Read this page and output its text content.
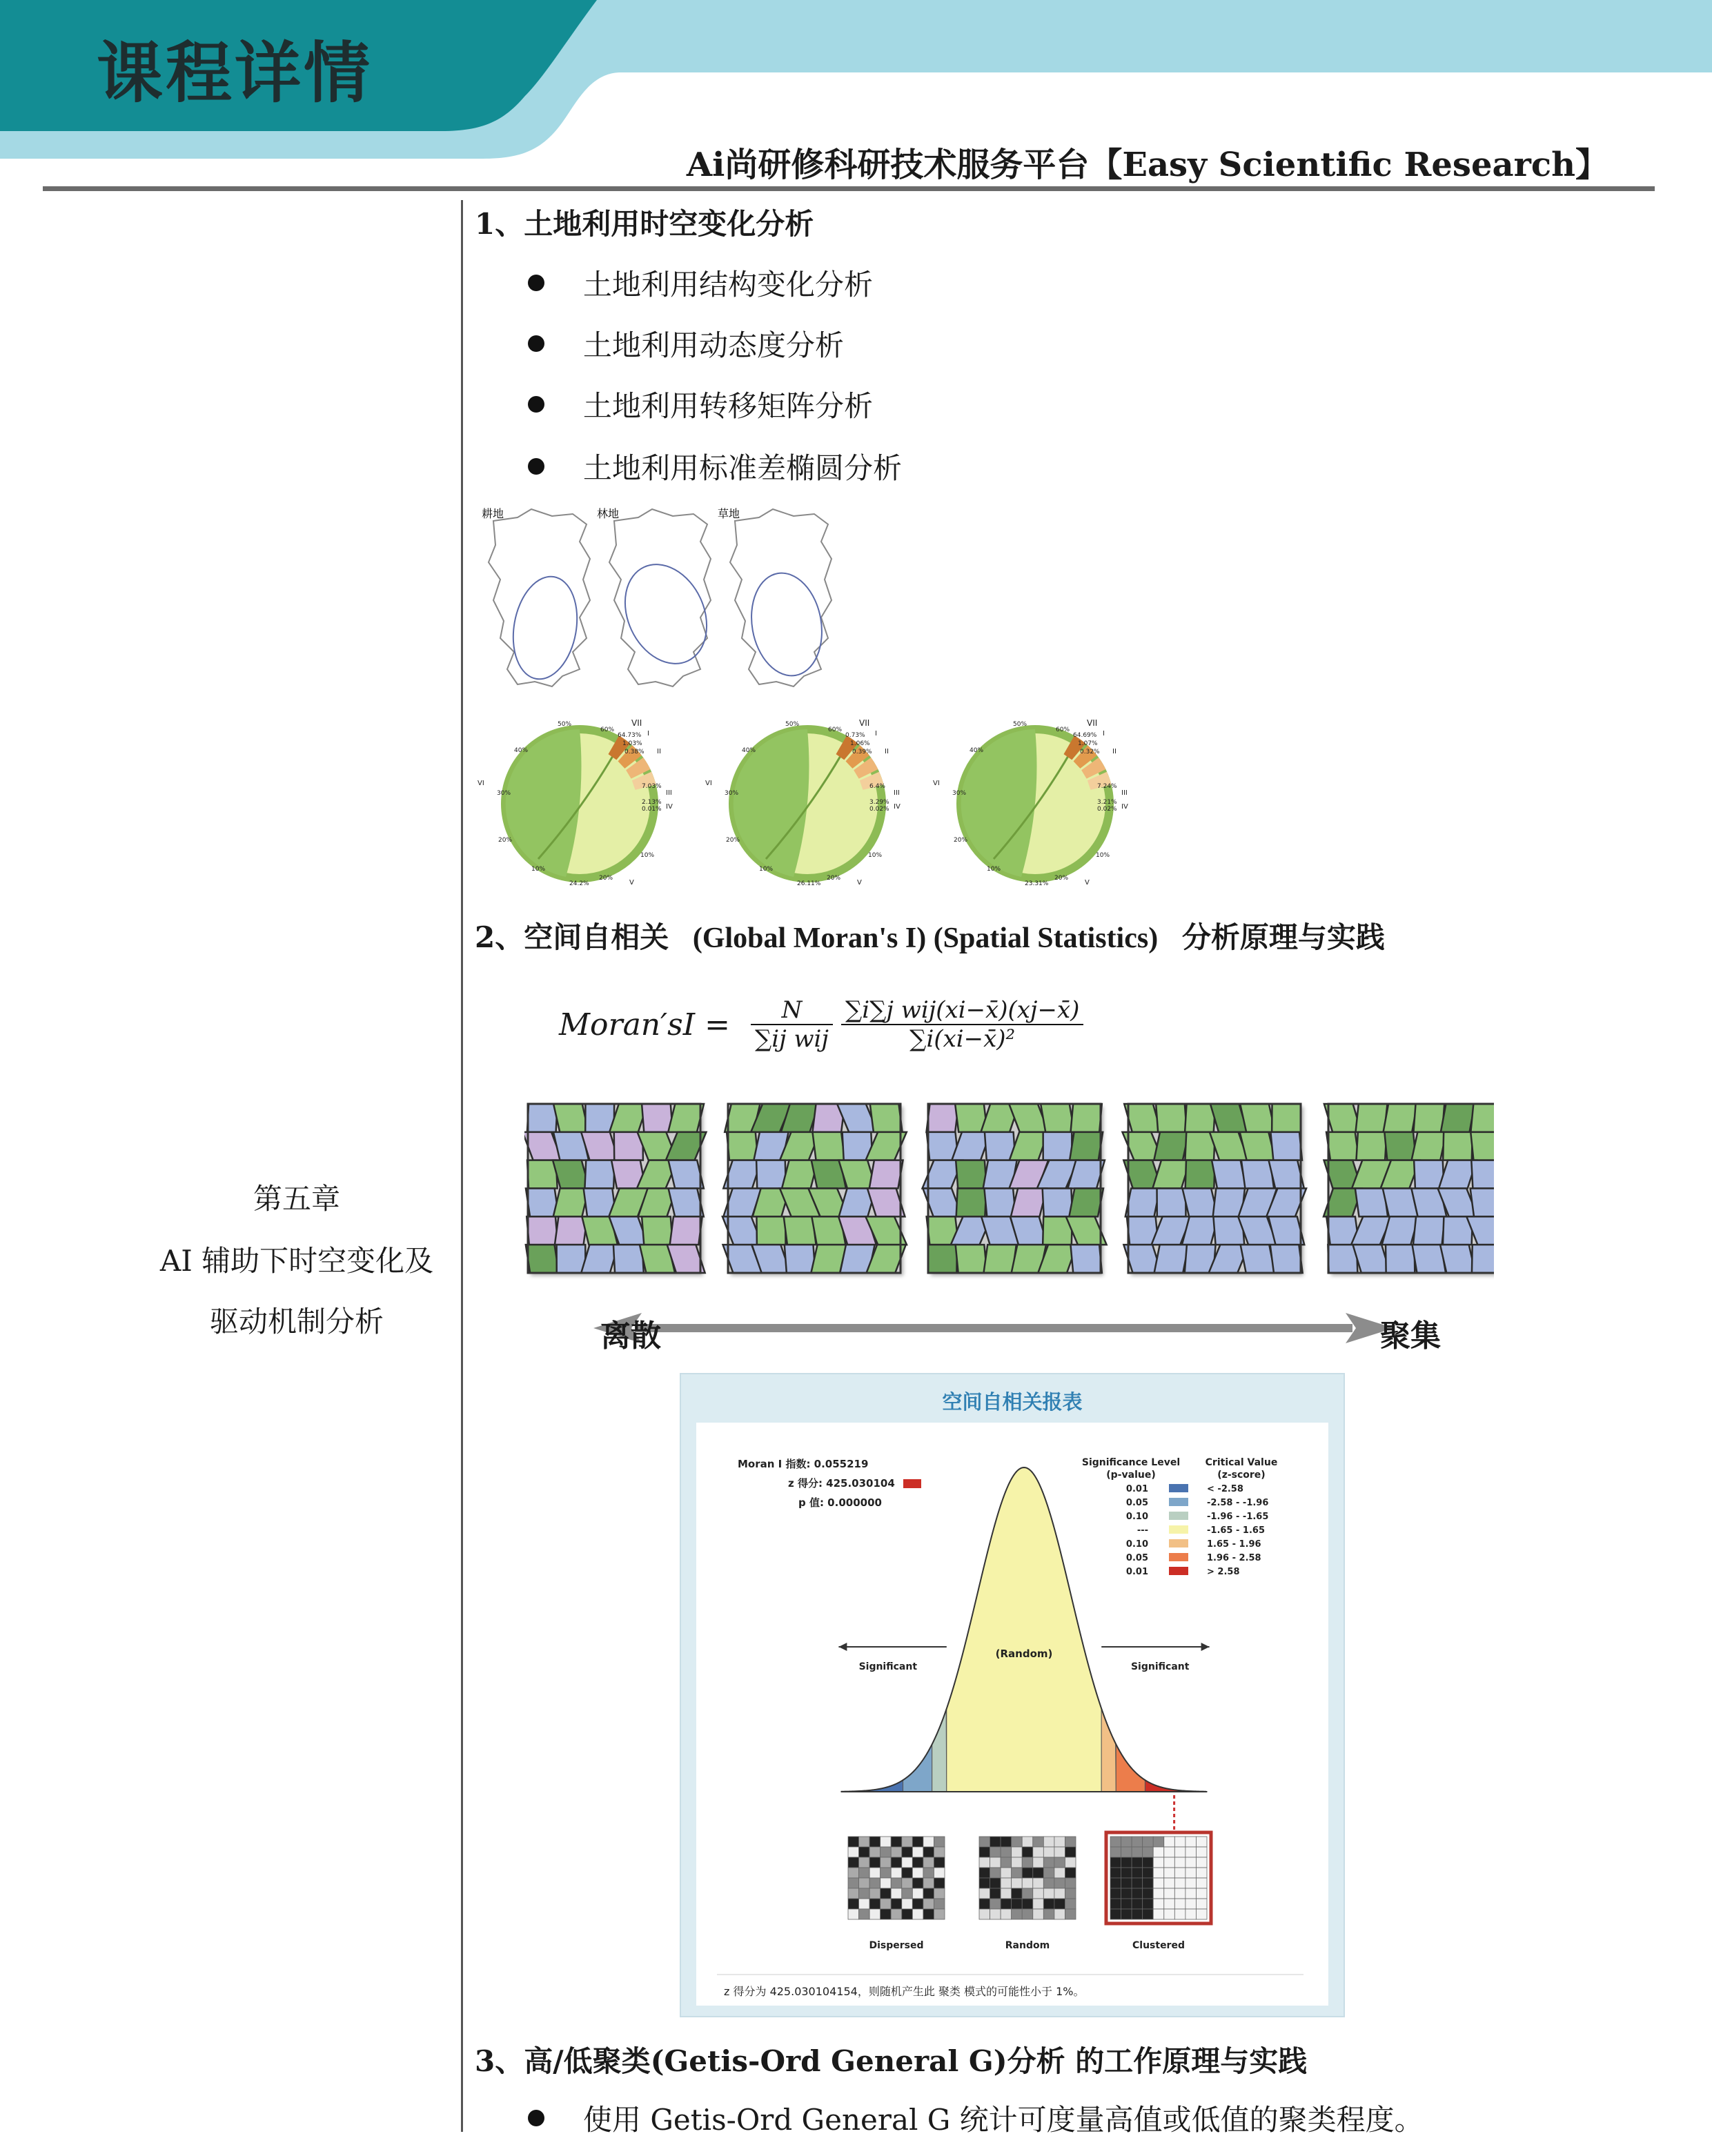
课程详情
Ai尚研修科研技术服务平台【Easy Scientific Research】
第五章
AI 辅助下时空变化及
驱动机制分析
1、土地利用时空变化分析
土地利用结构变化分析
土地利用动态度分析
土地利用转移矩阵分析
土地利用标准差椭圆分析
耕地	林地	草地
VII
I
II
III
IV
V
VI
64.73%
1.03%
0.38%
7.03%
2.13%
0.01%
24.2%
50%
60%
40%
30%
20%
10%
20%
10%
VII
I
II
III
IV
V
VI
0.73%
1.06%
0.39%
6.4%
3.29%
0.02%
26.11%
50%
60%
40%
30%
20%
10%
20%
10%
VII
I
II
III
IV
V
VI
64.69%
1.07%
0.32%
7.24%
3.21%
0.02%
23.31%
50%
60%
40%
30%
20%
10%
20%
10%
2、空间自相关 (Global Moran's I) (Spatial Statistics) 分析原理与实践
Moran′sI =	N
∑ij wij
∑i∑j wij(xi−x̄)(xj−x̄)
∑i(xi−x̄)²
离散	聚集
空间自相关报表
(Random)
Significant	Significant
Moran I 指数: 0.055219
z 得分: 425.030104
p 值: 0.000000
Significance Level
(p-value)
Critical Value
(z-score)
0.01	< -2.58
0.05	-2.58 - -1.96
0.10	-1.96 - -1.65
---	-1.65 - 1.65
0.10	1.65 - 1.96
0.05	1.96 - 2.58
0.01	> 2.58
Dispersed	Random	Clustered
z 得分为 425.030104154，则随机产生此 聚类 模式的可能性小于 1%。
3、高/低聚类(Getis-Ord General G)分析 的工作原理与实践
使用 Getis-Ord General G 统计可度量高值或低值的聚类程度。
